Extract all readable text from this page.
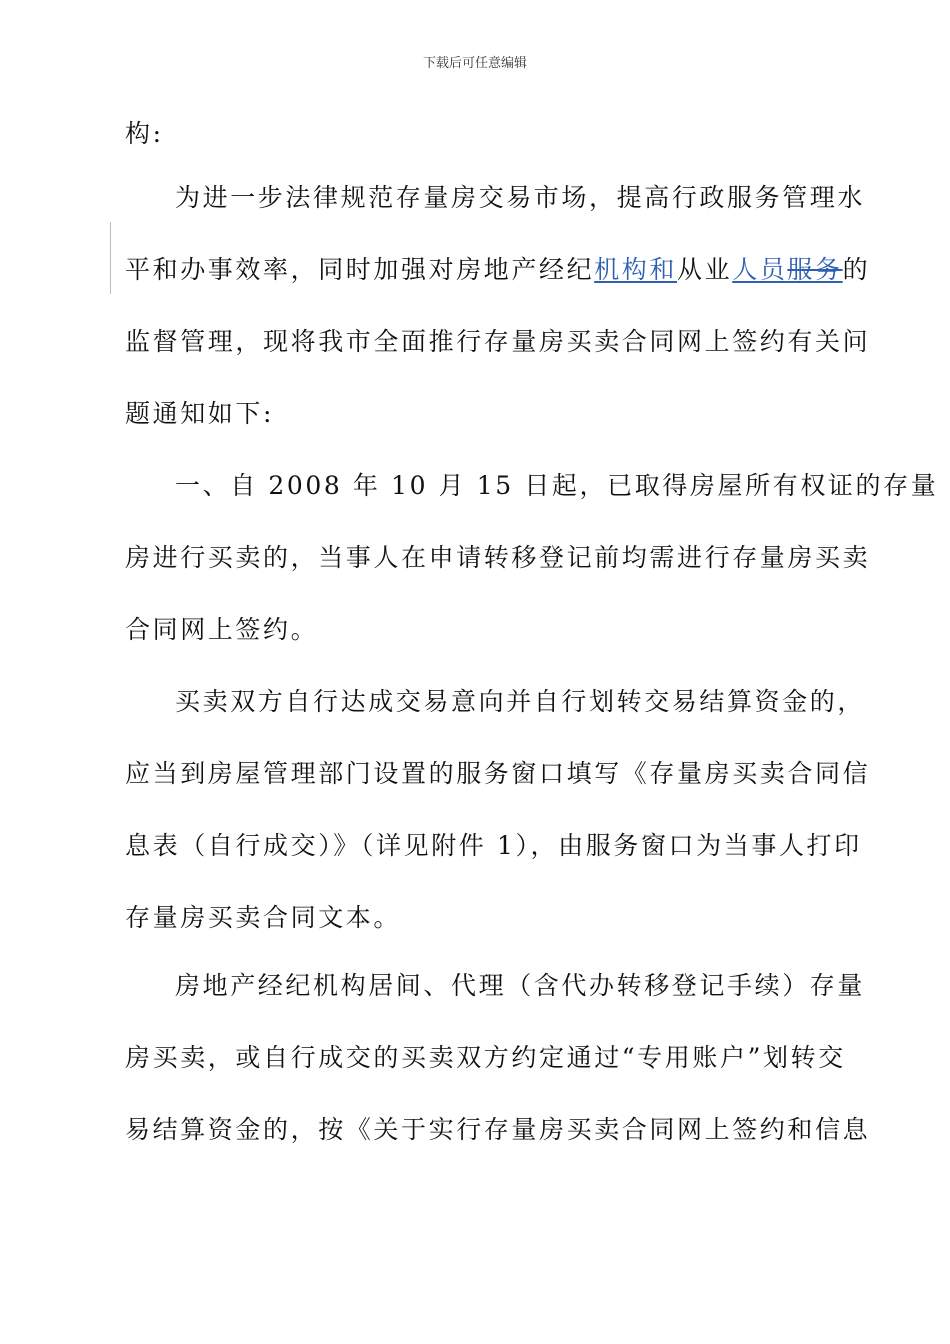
下载后可任意编辑
构:
为进一步法律规范存量房交易市场，提高行政服务管理水
平和办事效率，同时加强对房地产经纪机构和从业人员服务的
监督管理，现将我市全面推行存量房买卖合同网上签约有关问
题通知如下:
一、自 2008 年 10 月 15 日起，已取得房屋所有权证的存量
房进行买卖的，当事人在申请转移登记前均需进行存量房买卖
合同网上签约。
买卖双方自行达成交易意向并自行划转交易结算资金的，
应当到房屋管理部门设置的服务窗口填写《存量房买卖合同信
息表（自行成交）》（详见附件 1），由服务窗口为当事人打印
存量房买卖合同文本。
房地产经纪机构居间、代理（含代办转移登记手续）存量
房买卖，或自行成交的买卖双方约定通过“专用账户”划转交
易结算资金的，按《关于实行存量房买卖合同网上签约和信息
